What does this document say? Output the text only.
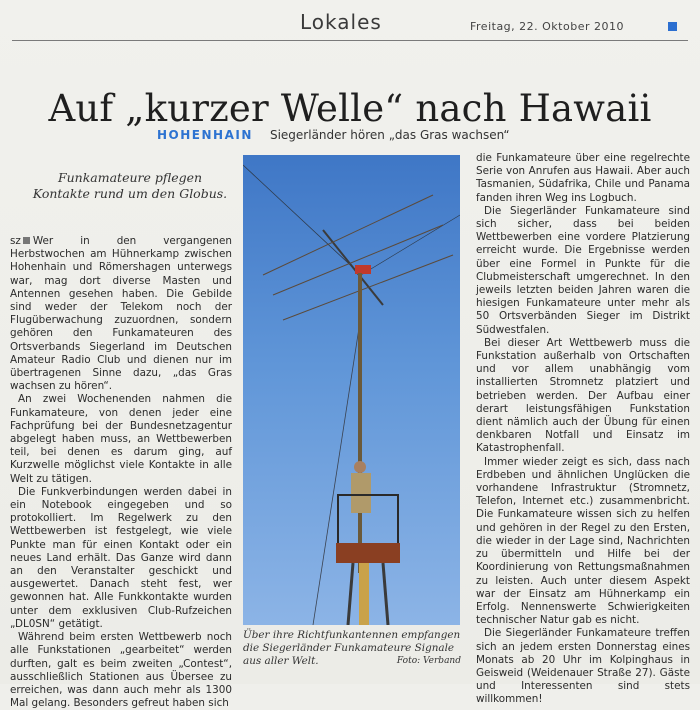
Lokales	Freitag, 22. Oktober 2010
Auf „kurzer Welle“ nach Hawaii
HOHENHAIN Siegerländer hören „das Gras wachsen“
Funkamateure pflegen Kontakte rund um den Globus.

sz Wer in den vergangenen Herbstwochen am Hühnerkamp zwischen Hohenhain und Römershagen unterwegs war, mag dort diverse Masten und Antennen gesehen haben. Die Gebilde sind weder der Telekom noch der Flugüberwachung zuzuordnen, sondern gehören den Funkamateuren des Ortsverbands Siegerland im Deutschen Amateur Radio Club und dienen nur im übertragenen Sinne dazu, „das Gras wachsen zu hören“.

An zwei Wochenenden nahmen die Funkamateure, von denen jeder eine Fachprüfung bei der Bundesnetzagentur abgelegt haben muss, an Wettbewerben teil, bei denen es darum ging, auf Kurzwelle möglichst viele Kontakte in alle Welt zu tätigen.

Die Funkverbindungen werden dabei in ein Notebook eingegeben und so protokolliert. Im Regelwerk zu den Wettbewerben ist festgelegt, wie viele Punkte man für einen Kontakt oder ein neues Land erhält. Das Ganze wird dann an den Veranstalter geschickt und ausgewertet. Danach steht fest, wer gewonnen hat. Alle Funkkontakte wurden unter dem exklusiven Club-Rufzeichen „DL0SN“ getätigt.

Während beim ersten Wettbewerb noch alle Funkstationen „gearbeitet“ werden durften, galt es beim zweiten „Contest“, ausschließlich Stationen aus Übersee zu erreichen, was dann auch mehr als 1300 Mal gelang. Besonders gefreut haben sich

Über ihre Richtfunkantennen empfangen die Siegerländer Funkamateure Signale aus aller Welt.	Foto: Verband

die Funkamateure über eine regelrechte Serie von Anrufen aus Hawaii. Aber auch Tasmanien, Südafrika, Chile und Panama fanden ihren Weg ins Logbuch.

Die Siegerländer Funkamateure sind sich sicher, dass bei beiden Wettbewerben eine vordere Platzierung erreicht wurde. Die Ergebnisse werden über eine Formel in Punkte für die Clubmeisterschaft umgerechnet. In den jeweils letzten beiden Jahren waren die hiesigen Funkamateure unter mehr als 50 Ortsverbänden Sieger im Distrikt Südwestfalen.

Bei dieser Art Wettbewerb muss die Funkstation außerhalb von Ortschaften und vor allem unabhängig vom installierten Stromnetz platziert und betrieben werden. Der Aufbau einer derart leistungsfähigen Funkstation dient nämlich auch der Übung für einen denkbaren Notfall und Einsatz im Katastrophenfall.

Immer wieder zeigt es sich, dass nach Erdbeben und ähnlichen Unglücken die vorhandene Infrastruktur (Stromnetz, Telefon, Internet etc.) zusammenbricht. Die Funkamateure wissen sich zu helfen und gehören in der Regel zu den Ersten, die wieder in der Lage sind, Nachrichten zu übermitteln und Hilfe bei der Koordinierung von Rettungsmaßnahmen zu leisten. Auch unter diesem Aspekt war der Einsatz am Hühnerkamp ein Erfolg. Nennenswerte Schwierigkeiten technischer Natur gab es nicht.

Die Siegerländer Funkamateure treffen sich an jedem ersten Donnerstag eines Monats ab 20 Uhr im Kolpinghaus in Geisweid (Weidenauer Straße 27). Gäste und Interessenten sind stets willkommen!
